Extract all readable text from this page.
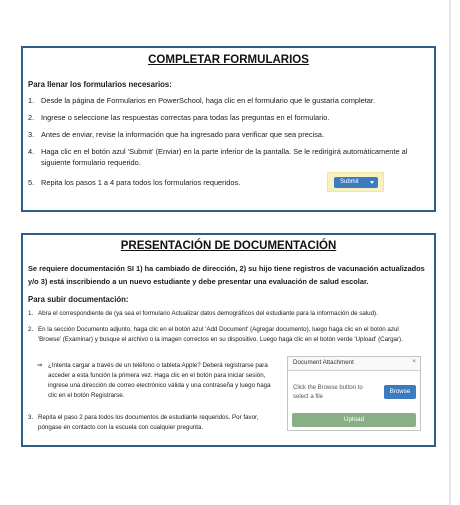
COMPLETAR FORMULARIOS
Para llenar los formularios necesarios:
1. Desde la página de Formularios en PowerSchool, haga clic en el formulario que le gustaría completar.
2. Ingrese o seleccione las respuestas correctas para todas las preguntas en el formulario.
3. Antes de enviar, revise la información que ha ingresado para verificar que sea precisa.
4. Haga clic en el botón azul 'Submit' (Enviar) en la parte inferior de la pantalla. Se le redirigirá automáticamente al siguiente formulario requerido.
5. Repita los pasos 1 a 4 para todos los formularios requeridos.	Submit
PRESENTACIÓN DE DOCUMENTACIÓN
Se requiere documentación SI 1) ha cambiado de dirección, 2) su hijo tiene registros de vacunación actualizados y/o 3) está inscribiendo a un nuevo estudiante y debe presentar una evaluación de salud escolar.
Para subir documentación:
1. Abra el correspondiente de (ya sea el formulario Actualizar datos demográficos del estudiante para la información de salud).
2. En la sección Documento adjunto, haga clic en el botón azul 'Add Document' (Agregar documento), luego haga clic en el botón azul 'Browse' (Examinar) y busque el archivo o la imagen correctos en su dispositivo. Luego haga clic en el botón verde 'Upload' (Cargar).
⇒ ¿Intenta cargar a través de un teléfono o tableta Apple? Deberá registrarse para acceder a esta función la primera vez. Haga clic en el botón para iniciar sesión, ingrese una dirección de correo electrónico válida y una contraseña y luego haga clic en el botón Registrarse.
3. Repita el paso 2 para todos los documentos de estudiante requeridos. Por favor, póngase en contacto con la escuela con cualquier pregunta.
Document Attachment	×
Click the Browse button to select a file
Browse
Upload
